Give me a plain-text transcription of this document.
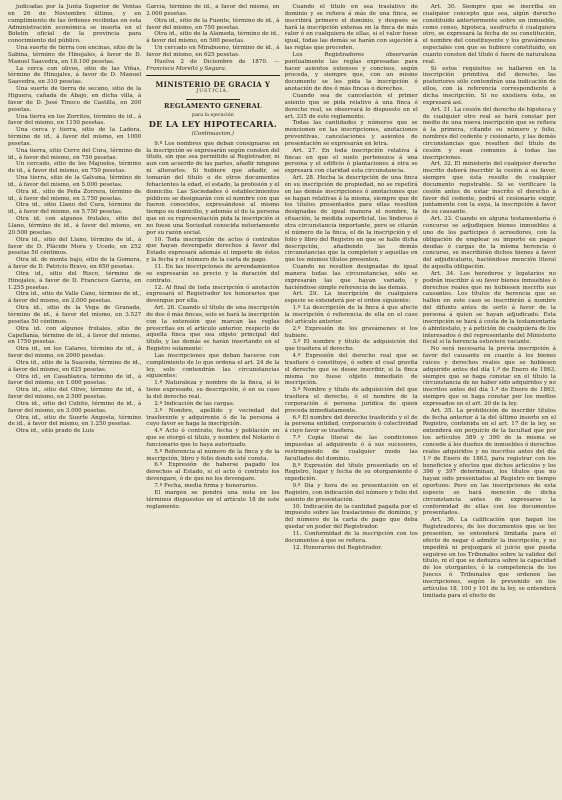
judicadas por la Junta Superior de Ventas en 26 de Noviembre último, y en cumplimiento de las órdenes recibidas en esta Administración económica se inserta en el Boletín oficial de la provincia para conocimiento del público.

Una suerte de tierra con encinas, sitio de la Sabina, término de Hinojales, á favor de D. Manuel Saavedra, en 18.100 pesetas.

La cerca con olivos, sitio de las Viñas, término de Hinojales, á favor de D. Manuel Saavedra, en 310 pesetas.

Una suerte de tierra de secano, sitio de la Higuera, cañada de Abajo, en dicha villa, á favor de D. José Tinoco de Castilla, en 200 pesetas.

Una tierra en los Zorritos, término de id., á favor del mismo, en 1150 pesetas.

Una cerca y tierra, sitio de la Ladera, término de id., á favor del mismo, en 1000 pesetas.

Una tierra, sitio Cerro del Cura, término de id., á favor del mismo, en 750 pesetas.

Un cercado, sitio de los Majuelos, término de id., á favor del mismo, en 750 pesetas.

Una tierra, sitio de la Galvana, término de id., á favor del mismo, en 5.000 pesetas.

Otra id., sitio de Peña Zorrera, término de id., á favor del mismo, en 3.750 pesetas.

Otra id., sitio Llano del Cura, término de id., á favor del mismo, en 5.750 pesetas.

Otra id. con algunos frutales, sitio del Llano, término de id., á favor del mismo, en 20.500 pesetas.

Otra id., sitio del Llano, término de id., á favor de D. Plácido Mora y Ucedo, en 252 pesetas 50 céntimos.

Otra id. de monte bajo, sitio de la Gomera, á favor de D. Patricio Bravo, en 650 pesetas.

Otra id., sitio del Risco, término de Hinojales, á favor de D. Francisco García, en 1.255 pesetas.

Otra id., sitio de Valle Cano, término de id., á favor del mismo, en 2.000 pesetas.

Otra id., sitio de la Vega de Granada, término de id., á favor del mismo, en 3.527 pesetas 50 céntimos.

Otra id. con algunos frutales, sitio de Capellanía, término de id., á favor del mismo, en 1750 pesetas.

Otra id., en los Calares, término de id., á favor del mismo, en 2000 pesetas.

Otra id., sitio de la Suaceda, término de id., á favor del mismo, en 625 pesetas.

Otra id., en Casablanca, término de id., á favor del mismo, en 1.000 pesetas.

Otra id., sitio del Olivo, término de id., á favor del mismo, en 2.500 pesetas.

Otra id., sitio del Cubito, término de id., á favor del mismo, en 3.000 pesetas.

Otra id., sitio de Suerte Angosta, término de id., á favor del mismo, en 1.250 pesetas.

Otra id., sitio prado de Luis

García, término de id., á favor del mismo, en 2.000 pesetas.

Otra id., sitio de la Fuente, término de id., á favor del mismo, en 750 pesetas.

Otra id., sitio de la Alameda, término de id., á favor del mismo, en 500 pesetas.

Un cercado en Mirabueno, término de id., á favor del mismo, en 625 pesetas.

Huelva 2 de Diciembre de 1870. —Francisco Morelló y Segura.

MINISTERIO DE GRACIA Y

JUSTICIA.

REGLAMENTO GENERAL

para la ejecución

DE LA LEY HIPOTECARIA.

(Continuacion.)

9.º Los nombres que deban consignarse en la inscripción se expresarán según consten del título, sin que sea permitido al Registrador, ni aun con acuerdo de las partes, añadir ninguno ni alterarlos. Si hubiere que añadir, se tomarán del título o de otros documentos fehacientes la edad, el estado, la profesión y el domicilio. Las Sociedades ó establecimientos públicos se designarán con el nombre con que fueron conocidos, expresándose al mismo tiempo su domicilio, y además el de la persona que en su representación pida la inscripción si no fuese una Sociedad conocida notoriamente por su razón social.

10. Toda inscripción de actos ó contratos que hayan devengado derechos á favor del Estado expresará además el importe de éstos y la fecha y el número de la carta de pago.

11. En las inscripciones de arrendamientos se expresarán su precio y la duración del contrato.

12. Al final de toda inscripción ó anotación expresará el Registrador los honorarios que devengue por ella.

Art. 26. Cuando el título de una inscripción de dos ó más fincas, solo se hará la inscripción con la extensión que marcan las reglas prescritas en el artículo anterior, respecto de aquella finca que sea objeto principal del título, y las demás se harán insertando en el Registro solamente:

Las inscripciones que deban hacerse con cumplimiento de lo que ordena el art. 24 de la ley, solo contendrán las circunstancias siguientes:

1.º Naturaleza y nombre de la finca, si lo tiene expresado, su descripción, ó en su caso la del derecho real.

2.º Indicación de las cargas.

3.º Nombre, apellido y vecindad del trasferente y adquirente ó de la persona á cuyo favor se haga la inscripción.

4.º Acto ó contrato, fecha y población en que se otorgó el título, y nombre del Notario ó funcionario que lo haya autorizado.

5.º Referencia al número de la finca y de la inscripción, libro y folio donde esté consta.

6.º Expresión de haberse pagado los derechos al Estado, si el acto ó contrato los devengare, ó de que no los devengare.

7.º Fecha, media firma y honorarios.

El margen se pondrá una nota en los términos dispuestos en el artículo 18 de este reglamento.

Cuando el título en sea traslativo de dominio y se refiera á más de una finca, se inscribirá primero el dominio, y después se hará la inscripción extensa en la finca de más valor ó en cualquiera de ellas, si el valor fuese igual, todas las demás se harán con sujeción á las reglas que preceden.

Los Registradores observarán puntualmente las reglas expresadas para hacer asientos extensos y concisos, según proceda, y siempre que, con un mismo documento se les pida la inscripción ó anotación de dos ó más fincas ó derechos.

Cuando sea de cancelación el primer asiento que se pida relativo á una finca ó derecho real, se observará lo dispuesto en el art. 335 de este reglamento.

Todas las cantidades y números que se mencionen en las inscripciones, anotaciones preventivas, cancelaciones y asientos de presentación se expresarán en letra.

Art. 27. En toda inscripción relativa á fincas en que el suelo pertenezca á una persona y el edificio ó plantaciones á otra se expresará con claridad esta circunstancia.

Art. 28. Hecha la descripción de una finca en su inscripción de propiedad, no se repetirá en las demás inscripciones ó anotaciones que se hagan relativas á la misma, siempre que de los títulos presentados para ellas resulten designadas de igual manera el nombre, la situación, la medida superficial, los linderos ó otra circunstancia importante, pero se citarán el número de la finca, el de la inscripción y el folio y libro del Registro en que se halle dicha descripción, añadiendo las demás circunstancias que la completen y aquellas en que los mismos títulos presenten.

Cuando no resulten designadas de igual manera todas las circunstancias, sólo se expresarán las que hayan variado, y haciéndose simple referencia de las demás.

Art. 29. La inscripción de cualquiera especie se extenderá por el orden siguiente:

1.º La descripción de la finca á que afecte la inscripción ó referencia de ella en el caso del artículo anterior.

2.º Expresión de los gravámenes si los hubiere.

3.º El nombre y título de adquisición del que trasfiera el derecho.

4.º Expresión del derecho real que se trasfiere ó constituye, ó sobre el cual gravita el derecho que se desee inscribir, si la finca misma no fuese objeto inmediato de inscripción.

5.º Nombre y título de adquisición del que trasfiera el derecho, ó el nombre de la corporación ó persona jurídica de quien proceda inmediatamente.

6.º El nombre del derecho trasferido y el de la persona entidad, corporación ó colectividad á cuyo favor se trasfiera.

7.º Copia literal de las condiciones impuestas al adquirente ó á sus sucesores, restringiendo de cualquier modo las facultades del dominio.

8.º Expresión del título presentado en el Registro, lugar y fecha de su otorgamiento ó expedición.

9.º Día y hora de su presentación en el Registro, con indicación del número y folio del asiento de presentación.

10. Indicación de la cantidad pagada por el impuesto sobre las traslaciones de dominio, y del número de la carta de pago que deba quedar en poder del Registrador.

11. Conformidad de la inscripción con los documentos á que se refiera.

12. Honorarios del Registrador.

Art. 30. Siempre que se inscriba en cualquier concepto que sea, algún derecho constituido anteriormente sobre un inmueble, como censo, hipoteca, usufructo ó cualquiera otro, se expresará la fecha de su constitución, el nombre del constituyente y los gravámenes especiales con que se hubiere constituido, en cuanto consten del título ó fuere de naturaleza real.

Si estos requisitos se hallaren en la inscripción primitiva del derecho, las posteriores sólo contendrán una indicación de ellos, con la referencia correspondiente á dicha inscripción. Si no existiera ésta, se expresará así.

Art. 31. La cesión del derecho de hipoteca y de cualquier otro real se hará constar por medio de una nueva inscripción que se refiera á la primera, citando su número y folio, nombres del cedente y cesionario, y las demás circunstancias que resulten del título de cesión y sean comunes á todas las inscripciones.

Art. 32. El ministerio del cualquier derecho inscrito deberá inscribir la cesión á su favor, siempre que ésta resulte de cualquier documento registrable. Si se verificare la cesión antes de estar inscrito el derecho á favor del cedente, podrá el cesionario exigir, juntamente con la suya, la inscripción á favor de su causante.

Art. 33. Cuando en alguna testamentaría ó concurso se adjudiquen bienes inmuebles á uno de los partícipes ó acreedores, con la obligación de emplear su importe en pagar deudas ó cargas de la misma herencia ó concurso, se inscribirán dichos bienes á favor del adjudicatario, haciéndose mención literal de aquella obligación.

Art. 34. Los herederos y legatarios no podrán inscribir á su favor bienes inmuebles ó derechos reales que no hubiesen inscrito sus causantes. Los títulos de herencia que se hallen en este caso se inscribirán á nombre del difunto antes de serlo á favor de la persona á quien se hayan adjudicado. Esta inscripción se hará á costa de la testamentaría ó abintestato, y á petición de cualquiera de los interesados ó del representante del Ministerio fiscal si la herencia estuviere vacante.

No será necesaria la previa inscripción á favor del causante en cuanto á los bienes raíces y derechos reales que se hubiesen adquirido antes del día 1.º de Enero de 1863, siempre que se haga constar en el título la circunstancia de no haber sido adquiridos y no inscritos antes del día 1.º de Enero de 1863, siempre que se haga constar por los medios expresados en el art. 20 de la ley.

Art. 35. La prohibición de inscribir títulos de fecha anterior á la del último inserto en el Registro, contenida en el art. 17 de la ley, se entenderá sin perjuicio de la facultad que por los artículos 389 y 390 de la misma se concede á los dueños de inmuebles ó derechos reales adquiridos y no inscritos antes del día 1.º de Enero de 1863, para registrar con los beneficios y efectos que dichos artículos y los 396 y 397 determinan, los títulos que no hayan sido presentados al Registro en tiempo oportuno. Pero en las inscripciones de esta especie se hará mención de dicha circunstancia antes de expresarse la conformidad de ellas con los documentos presentados.

Art. 36. La calificación que hagan los Registradores, de los documentos que se les presenten, se entenderá limitada para el efecto de negar ó admitir la inscripción, y no impedirá ni prejuzgará el juicio que pueda seguirse en los Tribunales sobre la validez del título, ni el que se deduzca sobre la capacidad de los otorgantes, ó la competencia de los Jueces ó Tribunales que ordenen las inscripciones, según lo prevenido en los artículos 18, 100 y 101 de la ley, se entenderá limitada para el efecto de
